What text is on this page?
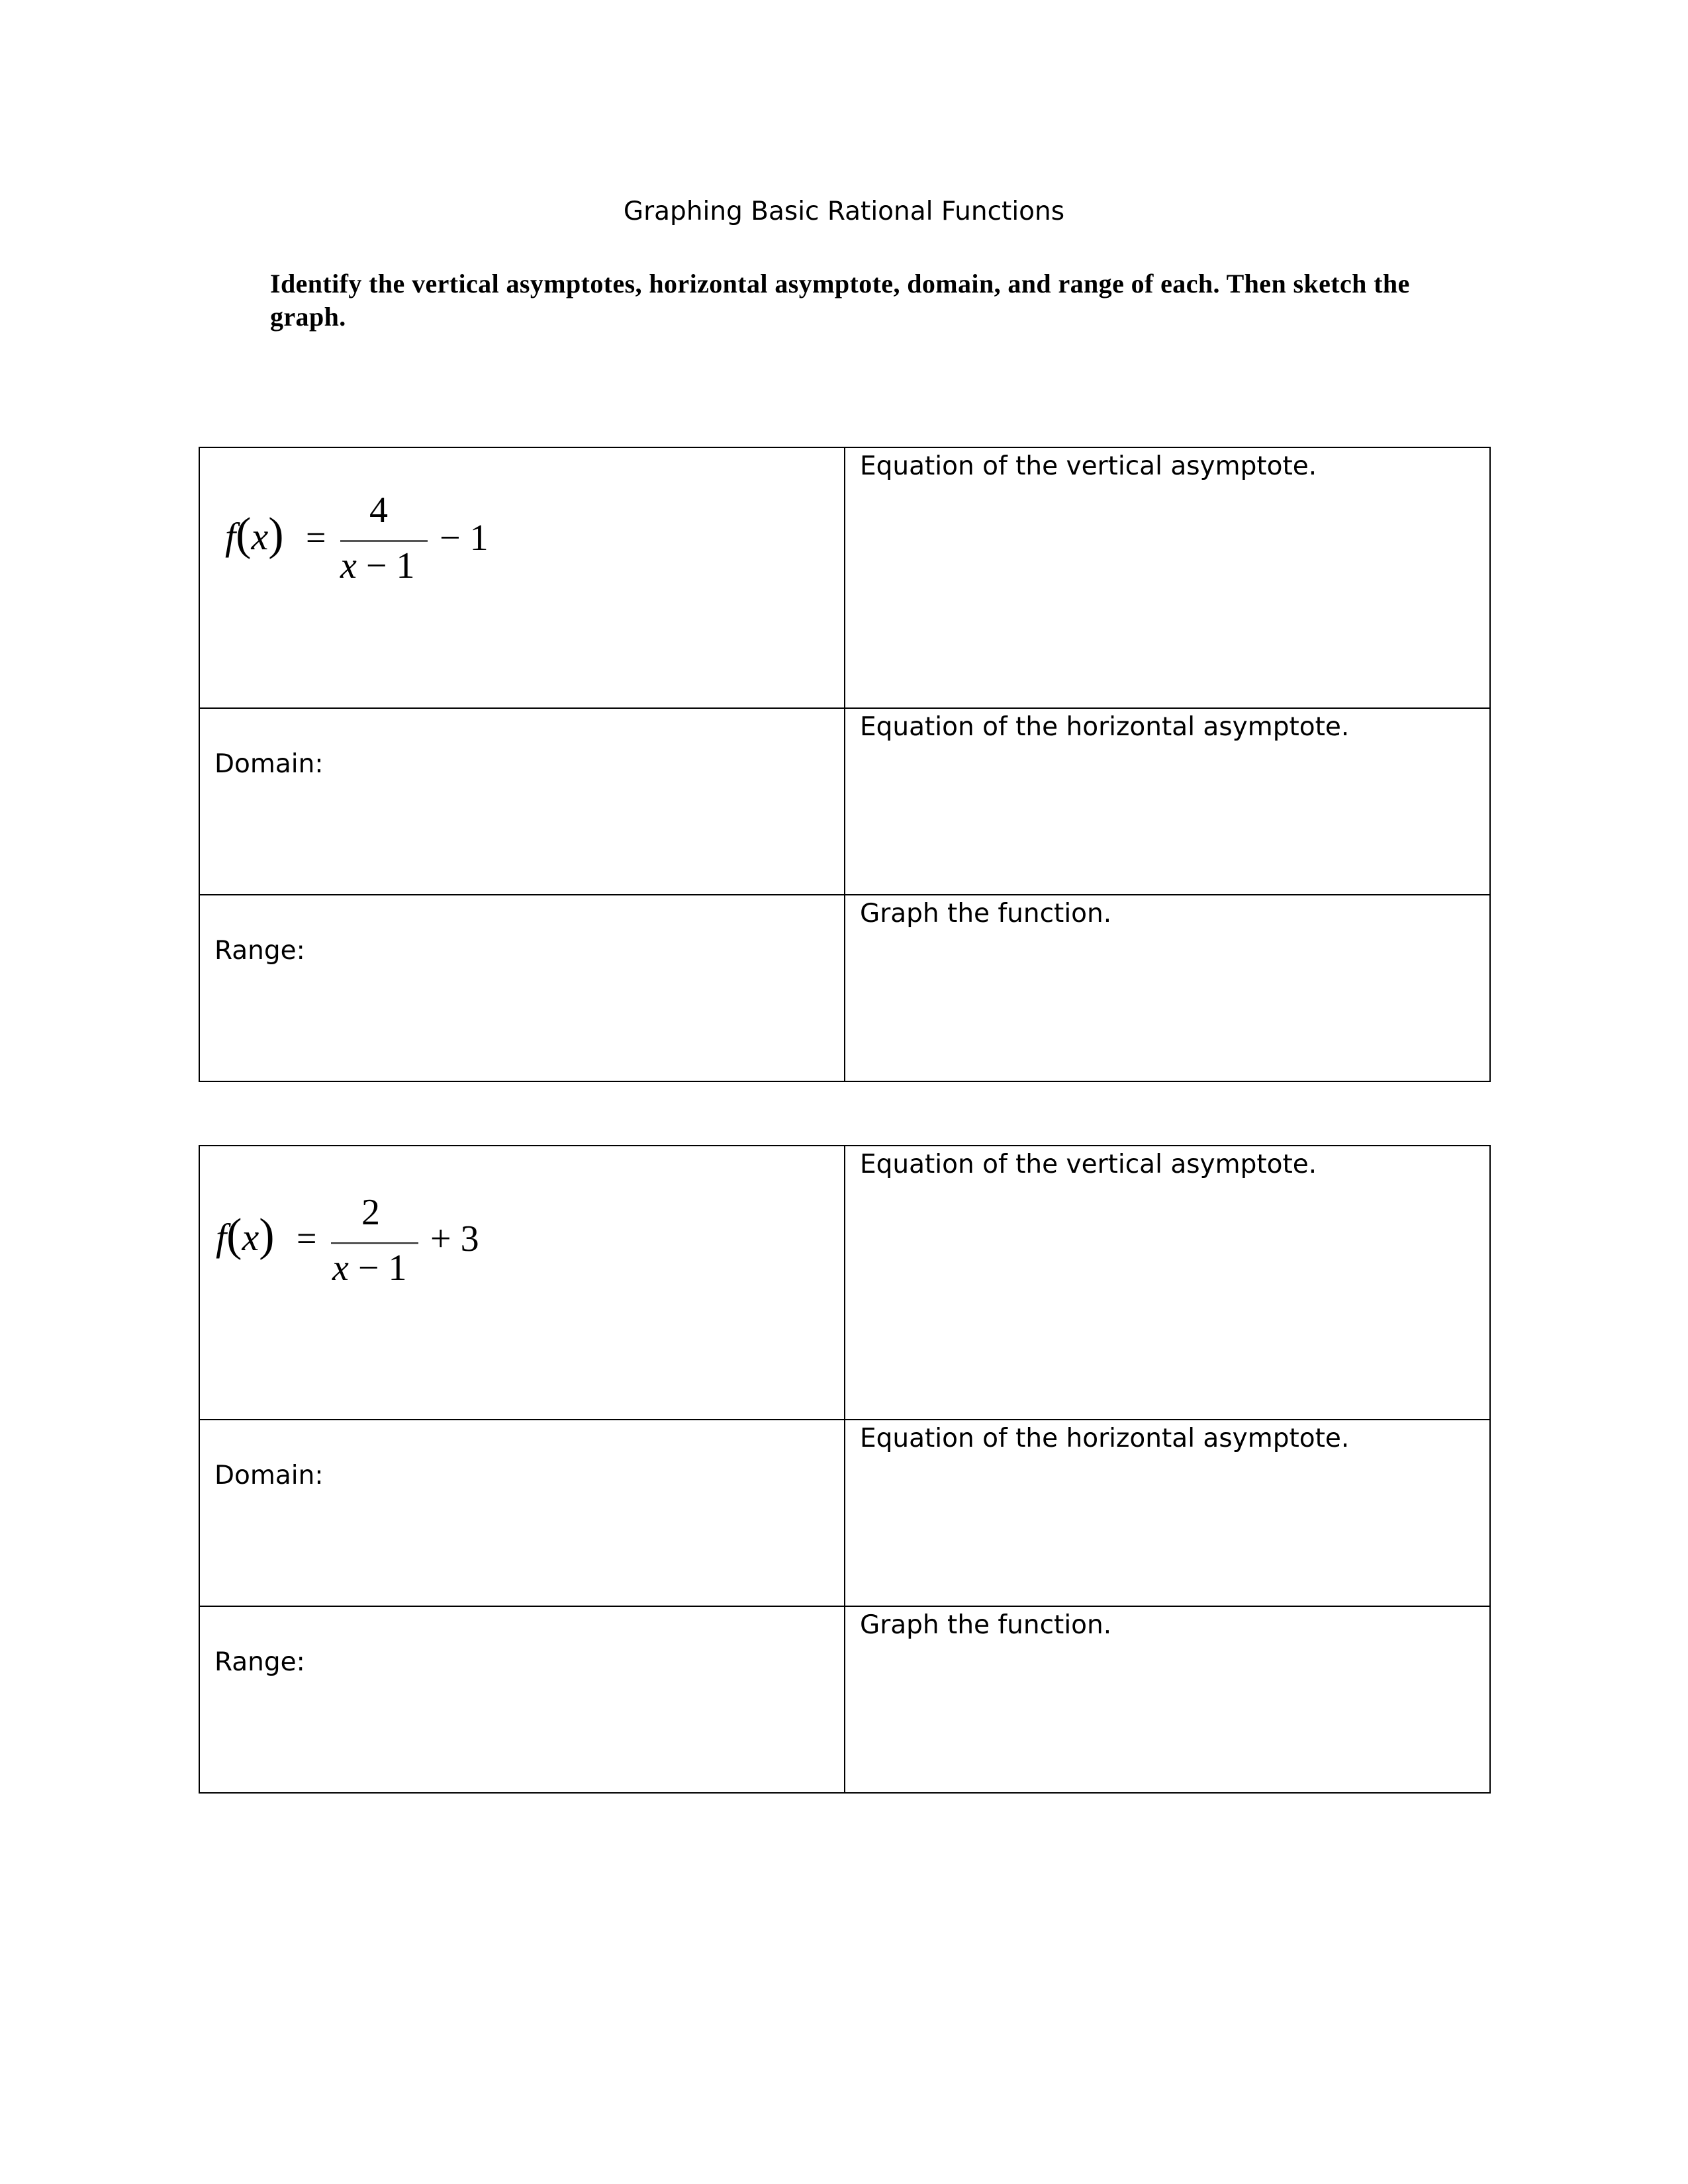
Graphing Basic Rational Functions

Identify the vertical asymptotes, horizontal asymptote, domain, and range of each. Then sketch the graph.

f(x) =
4
x − 1
− 1	Equation of the vertical asymptote.

Domain:	Equation of the horizontal asymptote.

Range:	Graph the function.
f(x) =
2
x − 1
+ 3	Equation of the vertical asymptote.

Domain:	Equation of the horizontal asymptote.

Range:	Graph the function.
